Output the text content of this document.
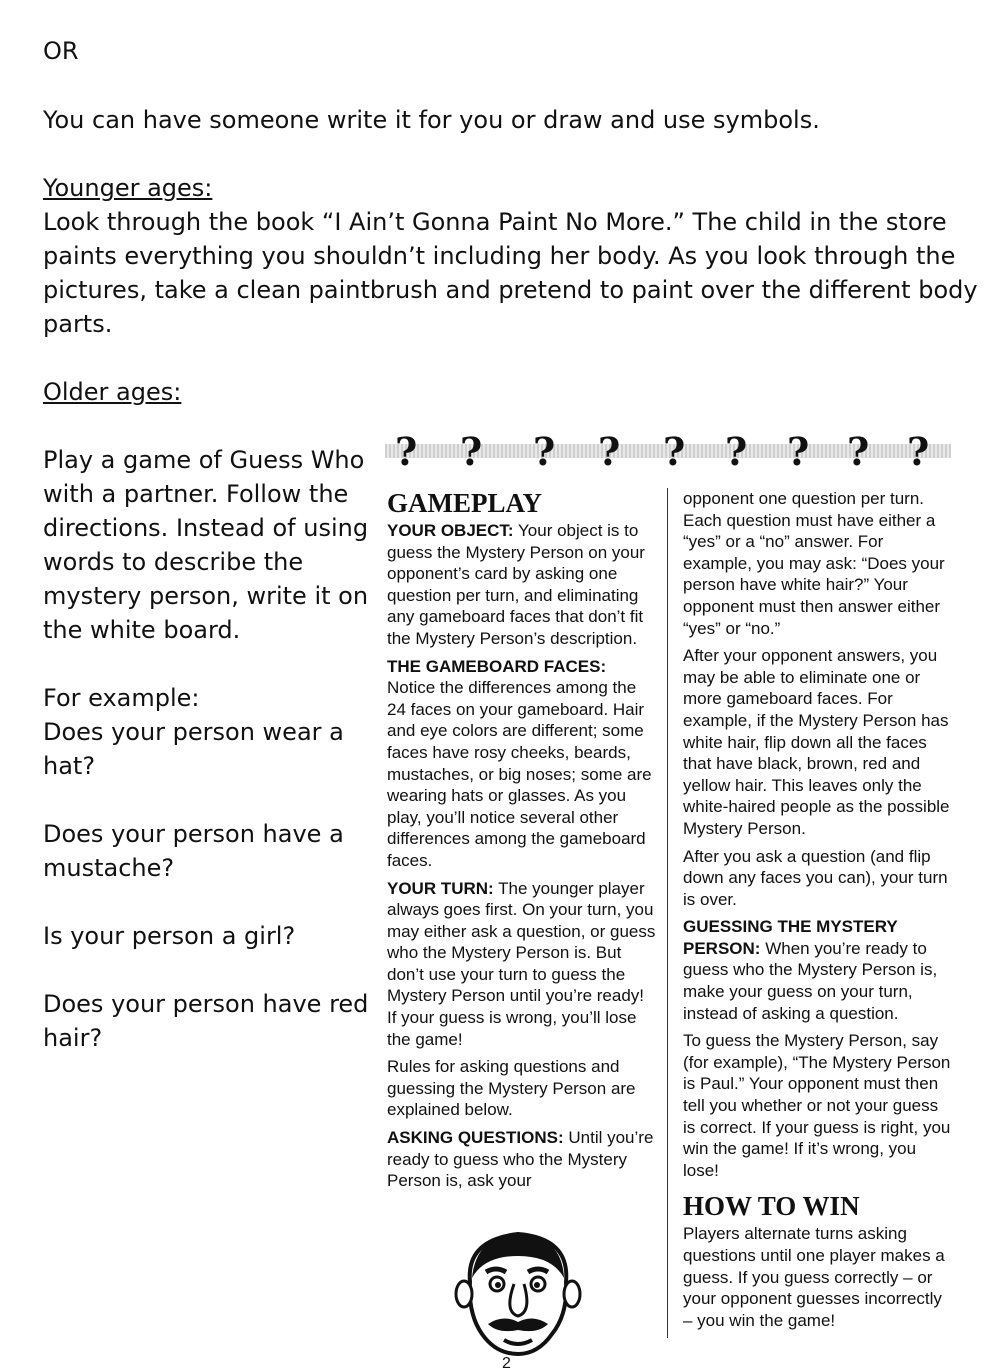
OR

You can have someone write it for you or draw and use symbols.

Younger ages:

Look through the book “I Ain’t Gonna Paint No More.” The child in the store

paints everything you shouldn’t including her body. As you look through the

pictures, take a clean paintbrush and pretend to paint over the different body

parts.

Older ages:

Play a game of Guess Who with a partner. Follow the directions. Instead of using words to describe the mystery person, write it on the white board.

For example:

Does your person wear a hat?

Does your person have a mustache?

Is your person a girl?

Does your person have red hair?

? ? ? ? ? ? ? ? ?
GAMEPLAY

YOUR OBJECT: Your object is to guess the Mystery Person on your opponent’s card by asking one question per turn, and eliminating any gameboard faces that don’t fit the Mystery Person’s description.

THE GAMEBOARD FACES: Notice the differences among the 24 faces on your gameboard. Hair and eye colors are different; some faces have rosy cheeks, beards, mustaches, or big noses; some are wearing hats or glasses. As you play, you’ll notice several other differences among the gameboard faces.

YOUR TURN: The younger player always goes first. On your turn, you may either ask a question, or guess who the Mystery Person is. But don’t use your turn to guess the Mystery Person until you’re ready! If your guess is wrong, you’ll lose the game!

Rules for asking questions and guessing the Mystery Person are explained below.

ASKING QUESTIONS: Until you’re ready to guess who the Mystery Person is, ask your

opponent one question per turn. Each question must have either a “yes” or a “no” answer. For example, you may ask: “Does your person have white hair?” Your opponent must then answer either “yes” or “no.”

After your opponent answers, you may be able to eliminate one or more gameboard faces. For example, if the Mystery Person has white hair, flip down all the faces that have black, brown, red and yellow hair. This leaves only the white-haired people as the possible Mystery Person.

After you ask a question (and flip down any faces you can), your turn is over.

GUESSING THE MYSTERY PERSON: When you’re ready to guess who the Mystery Person is, make your guess on your turn, instead of asking a question.

To guess the Mystery Person, say (for example), “The Mystery Person is Paul.” Your opponent must then tell you whether or not your guess is correct. If your guess is right, you win the game! If it’s wrong, you lose!

HOW TO WIN

Players alternate turns asking questions until one player makes a guess. If you guess correctly – or your opponent guesses incorrectly – you win the game!

2
